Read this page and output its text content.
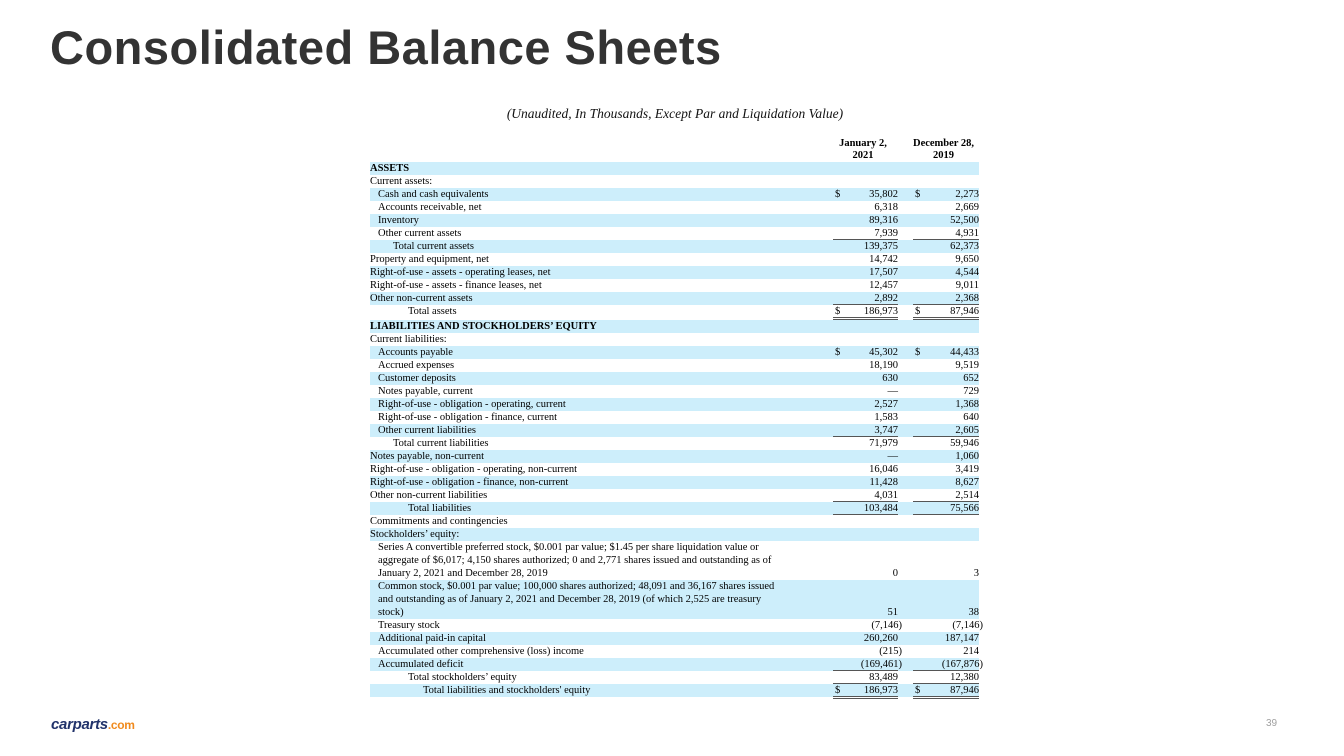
Consolidated Balance Sheets
(Unaudited, In Thousands, Except Par and Liquidation Value)
January 2,
2021
December 28,
2019
ASSETS
Current assets:
Cash and cash equivalents	$	35,802 $	2,273
Accounts receivable, net	6,318	2,669
Inventory	89,316	52,500
Other current assets	7,939	4,931
Total current assets	139,375	62,373
Property and equipment, net	14,742	9,650
Right-of-use - assets - operating leases, net	17,507	4,544
Right-of-use - assets - finance leases, net	12,457	9,011
Other non-current assets	2,892	2,368
Total assets	$ 186,973 $	87,946
LIABILITIES AND STOCKHOLDERS’ EQUITY
Current liabilities:
Accounts payable	$	45,302 $	44,433
Accrued expenses	18,190	9,519
Customer deposits	630	652
Notes payable, current	—	729
Right-of-use - obligation - operating, current	2,527	1,368
Right-of-use - obligation - finance, current	1,583	640
Other current liabilities	3,747	2,605
Total current liabilities	71,979	59,946
Notes payable, non-current	—	1,060
Right-of-use - obligation - operating, non-current	16,046	3,419
Right-of-use - obligation - finance, non-current	11,428	8,627
Other non-current liabilities	4,031	2,514
Total liabilities	103,484	75,566
Commitments and contingencies
Stockholders’ equity:
Series A convertible preferred stock, $0.001 par value; $1.45 per share liquidation value or
aggregate of $6,017; 4,150 shares authorized; 0 and 2,771 shares issued and outstanding as of
January 2, 2021 and December 28, 2019	0	3
Common stock, $0.001 par value; 100,000 shares authorized; 48,091 and 36,167 shares issued
and outstanding as of January 2, 2021 and December 28, 2019 (of which 2,525 are treasury
stock)	51	38
Treasury stock	(7,146)	(7,146)
Additional paid-in capital	260,260	187,147
Accumulated other comprehensive (loss) income	(215)	214
Accumulated deficit	(169,461)	(167,876)
Total stockholders’ equity	83,489	12,380
Total liabilities and stockholders' equity	$ 186,973 $	87,946
carparts.com	39
